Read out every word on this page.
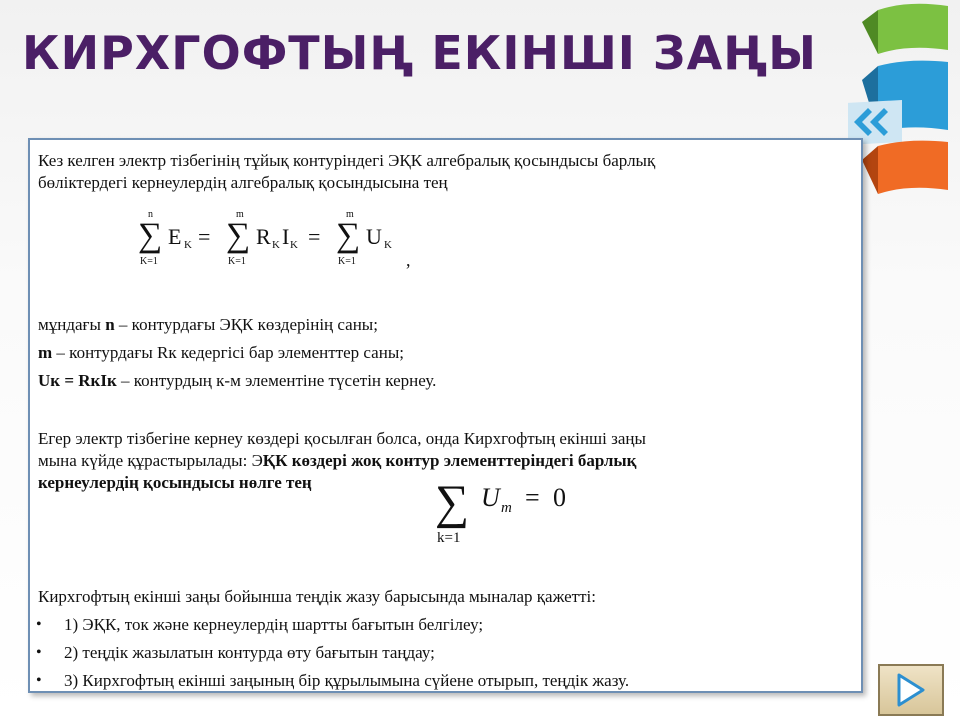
КИРХГОФТЫҢ ЕКІНШІ ЗАҢЫ
Кез келген электр тізбегінің тұйық контуріндегі ЭҚК алгебралық қосындысы барлық
бөліктердегі кернеулердің алгебралық қосындысына тең
n
∑
K=1
E K =
m
∑
K=1
R K I K =
m
∑
K=1
U K
,
мұндағы n – контурдағы ЭҚК көздерінің саны;
m – контурдағы Rк кедергісі бар элементтер саны;
Uк = RкIк – контурдың к-м элементіне түсетін кернеу.
Егер электр тізбегіне кернеу көздері қосылған болса, онда Кирхгофтың екінші заңы
мына күйде құрастырылады: ЭҚК көздері жоқ контур элементтеріндегі барлық
кернеулердің қосындысы нөлге тең	∑
k=1
U m = 0
Кирхгофтың екінші заңы бойынша теңдік жазу барысында мыналар қажетті:
• 1) ЭҚК, ток және кернеулердің шартты бағытын белгілеу;
• 2) теңдік жазылатын контурда өту бағытын таңдау;
• 3) Кирхгофтың екінші заңының бір құрылымына сүйене отырып, теңдік жазу.
